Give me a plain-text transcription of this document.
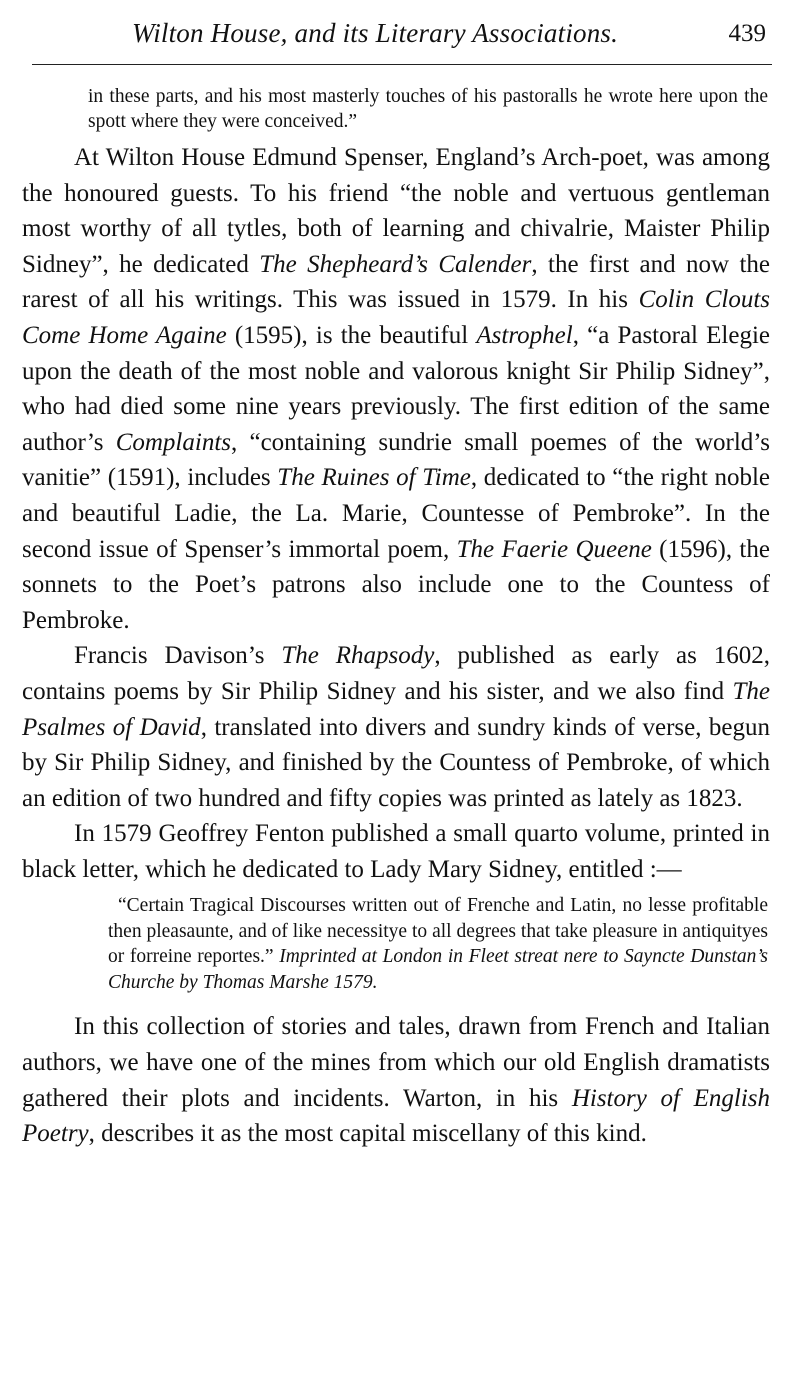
Wilton House, and its Literary Associations.	439

in these parts, and his most masterly touches of his pastoralls he wrote here upon the spott where they were conceived.”

At Wilton House Edmund Spenser, England’s Arch-poet, was among the honoured guests. To his friend “the noble and vertuous gentleman most worthy of all tytles, both of learning and chivalrie, Maister Philip Sidney”, he dedicated The Shepheard’s Calender, the first and now the rarest of all his writings. This was issued in 1579. In his Colin Clouts Come Home Againe (1595), is the beautiful Astrophel, “a Pastoral Elegie upon the death of the most noble and valorous knight Sir Philip Sidney”, who had died some nine years previously. The first edition of the same author’s Complaints, “containing sundrie small poemes of the world’s vanitie” (1591), includes The Ruines of Time, dedicated to “the right noble and beautiful Ladie, the La. Marie, Countesse of Pembroke”. In the second issue of Spenser’s immortal poem, The Faerie Queene (1596), the sonnets to the Poet’s patrons also include one to the Countess of Pembroke.

Francis Davison’s The Rhapsody, published as early as 1602, contains poems by Sir Philip Sidney and his sister, and we also find The Psalmes of David, translated into divers and sundry kinds of verse, begun by Sir Philip Sidney, and finished by the Countess of Pembroke, of which an edition of two hundred and fifty copies was printed as lately as 1823.

In 1579 Geoffrey Fenton published a small quarto volume, printed in black letter, which he dedicated to Lady Mary Sidney, entitled :—

“Certain Tragical Discourses written out of Frenche and Latin, no lesse profitable then pleasaunte, and of like necessitye to all degrees that take pleasure in antiquityes or forreine reportes.” Imprinted at London in Fleet streat nere to Sayncte Dunstan’s Churche by Thomas Marshe 1579.

In this collection of stories and tales, drawn from French and Italian authors, we have one of the mines from which our old English dramatists gathered their plots and incidents. Warton, in his History of English Poetry, describes it as the most capital miscellany of this kind.
